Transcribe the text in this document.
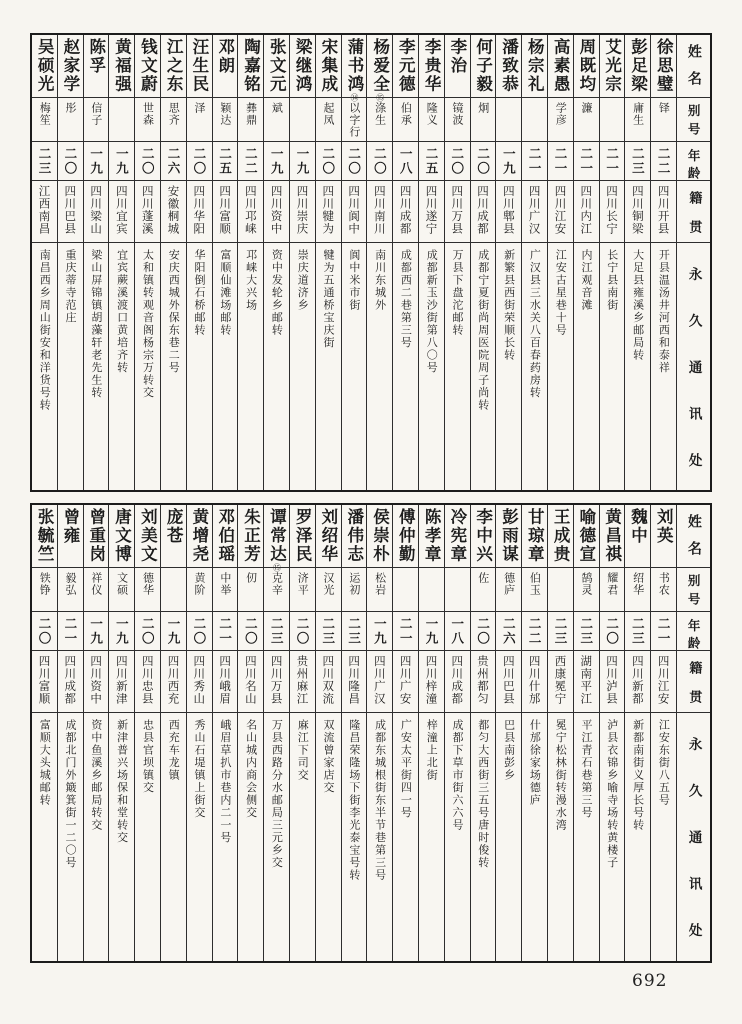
姓名
别号
年龄
籍贯
永久通讯处
徐思璧
铎
二二
四川开县
开县温汤井河西和泰祥
彭足梁
庸生
二三
四川铜梁
大足县雍溪乡邮局转
艾光宗
二一
四川长宁
长宁县南街
周既均
濂
二一
四川内江
内江观音滩
高素愚
学彦
二一
四川江安
江安古星巷十号
杨宗礼
二一
四川广汉
广汉县三水关八百春药房转
潘致恭
一九
四川郫县
新繁县西街荣顺长转
何子毅
炯
二〇
四川成都
成都宁夏街尚周医院周子尚转
李治
镜波
二〇
四川万县
万县下盘沱邮转
李贵华
隆义
二五
四川遂宁
成都新玉沙街第八〇号
李元德
伯承
一八
四川成都
成都西二巷第三号
杨爱全⑮
涤生
二〇
四川南川
南川东城外
蒲书鸿⑭
以字行
二〇
四川阆中
阆中米市街
宋集成
起凤
二〇
四川犍为
犍为五通桥宝庆街
梁继鸿
一九
四川崇庆
崇庆道济乡
张文元
斌
一九
四川资中
资中发轮乡邮转
陶嘉铭
彝鼎
二二
四川邛崃
邛崃大兴场
邓朗
颖达
二五
四川富顺
富顺仙滩场邮转
汪生民
泽
二〇
四川华阳
华阳倒石桥邮转
江之东
思齐
二六
安徽桐城
安庆西城外保东巷二号
钱文蔚
世森
二〇
四川蓬溪
太和镇转观音阁杨宗万转交
黄福强
一九
四川宜宾
宜宾蕨溪渡口黄培齐转
陈孚
信子
一九
四川梁山
梁山屏锦镇胡藻轩老先生转
赵家学
彤
二〇
四川巴县
重庆蒂寺范庄
吴硕光
梅笙
二三
江西南昌
南昌西乡周山街安和洋货号转
姓名
别号
年龄
籍贯
永久通讯处
刘英
书农
二一
四川江安
江安东街八五号
魏中
绍华
二三
四川新都
新都南街义厚长号转
黄昌祺
耀君
二〇
四川泸县
泸县衣锦乡喻寺场转黄楼子
喻德宣
鹄灵
二三
湖南平江
平江青石巷第三号
王成贵
二三
西康冕宁
冕宁松林街转漫水湾
甘琼章
伯玉
二二
四川什邡
什邡徐家场德庐
彭雨谋
德庐
二六
四川巴县
巴县南彭乡
李中兴
佐
二〇
贵州都匀
都匀大西街三五号唐时俊转
冷宪章
一八
四川成都
成都下草市街六六号
陈孝章
一九
四川梓潼
梓潼上北街
傅仲勤
二一
四川广安
广安太平街四一号
侯崇朴
松岩
一九
四川广汉
成都东城根街东半节巷第三号
潘伟志
运初
二三
四川隆昌
隆昌荣隆场下街李光泰宝号转
刘绍华
汉光
二三
四川双流
双流曾家店交
罗泽民
济平
二〇
贵州麻江
麻江下司交
谭常达⑮
克辛
二三
四川万县
万县西路分水邮局三元乡交
朱正芳
仞
二〇
四川名山
名山城内商会侧交
邓伯瑶
中举
二一
四川峨眉
峨眉草扒市巷内二一号
黄增尧
黄阶
二〇
四川秀山
秀山石堤镇上街交
庞苍
一九
四川西充
西充车龙镇
刘美文
德华
二〇
四川忠县
忠县官坝镇交
唐文博
文硕
一九
四川新津
新津普兴场保和堂转交
曾重岗
祥仪
一九
四川资中
资中鱼溪乡邮局转交
曾雍
毅弘
二一
四川成都
成都北门外簸箕街一二〇号
张毓竺
铁铮
二〇
四川富顺
富顺大头城邮转
692
